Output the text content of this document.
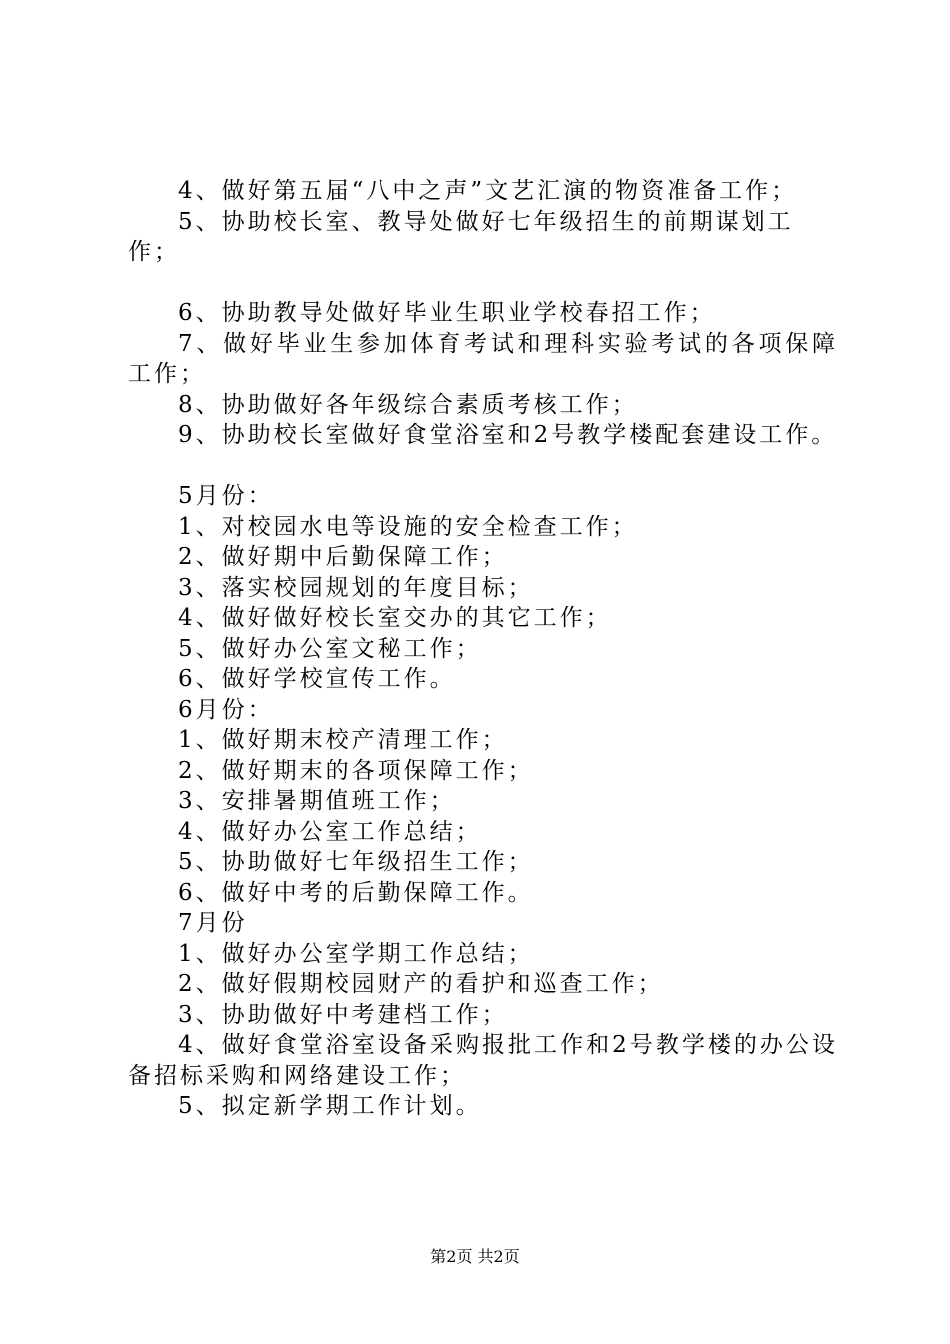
4、做好第五届“八中之声”文艺汇演的物资准备工作；

5、协助校长室、教导处做好七年级招生的前期谋划工作；

6、协助教导处做好毕业生职业学校春招工作；

7、做好毕业生参加体育考试和理科实验考试的各项保障工作；

8、协助做好各年级综合素质考核工作；

9、协助校长室做好食堂浴室和2号教学楼配套建设工作。

5月份：

1、对校园水电等设施的安全检查工作；

2、做好期中后勤保障工作；

3、落实校园规划的年度目标；

4、做好做好校长室交办的其它工作；

5、做好办公室文秘工作；

6、做好学校宣传工作。

6月份：

1、做好期末校产清理工作；

2、做好期末的各项保障工作；

3、安排暑期值班工作；

4、做好办公室工作总结；

5、协助做好七年级招生工作；

6、做好中考的后勤保障工作。

7月份

1、做好办公室学期工作总结；

2、做好假期校园财产的看护和巡查工作；

3、协助做好中考建档工作；

4、做好食堂浴室设备采购报批工作和2号教学楼的办公设备招标采购和网络建设工作；

5、拟定新学期工作计划。

第2页 共2页
